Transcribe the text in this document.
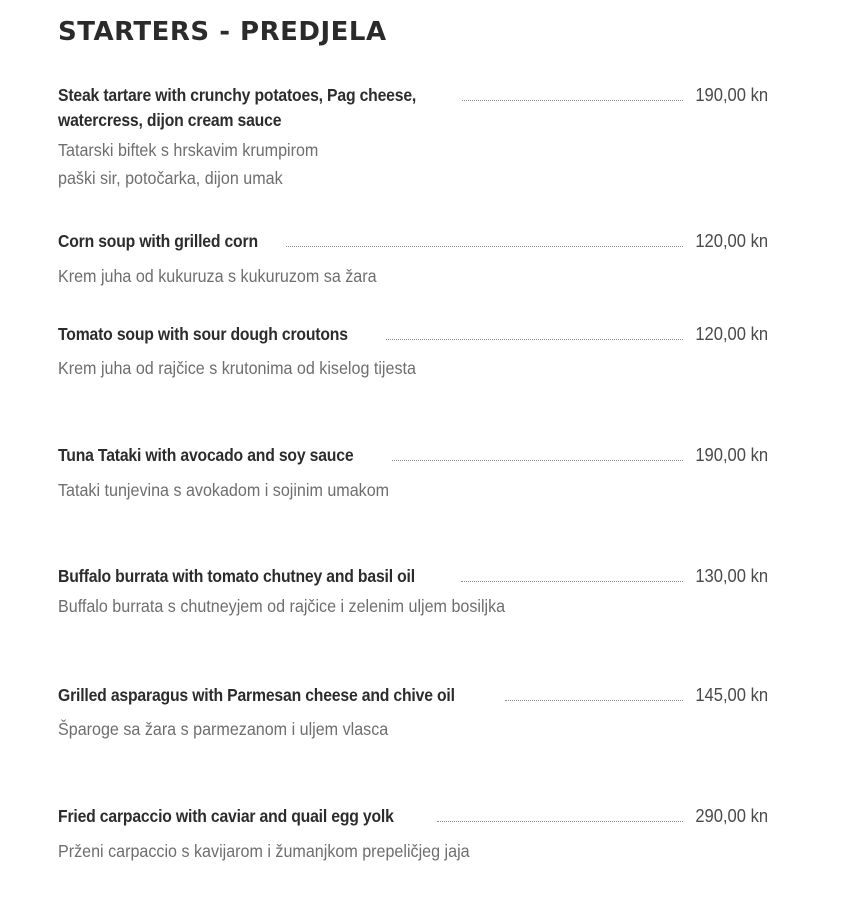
STARTERS - PREDJELA
Steak tartare with crunchy potatoes, Pag cheese,	190,00 kn
watercress, dijon cream sauce
Tatarski biftek s hrskavim krumpirom
paški sir, potočarka, dijon umak
Corn soup with grilled corn	120,00 kn
Krem juha od kukuruza s kukuruzom sa žara
Tomato soup with sour dough croutons	120,00 kn
Krem juha od rajčice s krutonima od kiselog tijesta
Tuna Tataki with avocado and soy sauce	190,00 kn
Tataki tunjevina s avokadom i sojinim umakom
Buffalo burrata with tomato chutney and basil oil	130,00 kn
Buffalo burrata s chutneyjem od rajčice i zelenim uljem bosiljka
Grilled asparagus with Parmesan cheese and chive oil	145,00 kn
Šparoge sa žara s parmezanom i uljem vlasca
Fried carpaccio with caviar and quail egg yolk	290,00 kn
Prženi carpaccio s kavijarom i žumanjkom prepeličjeg jaja
